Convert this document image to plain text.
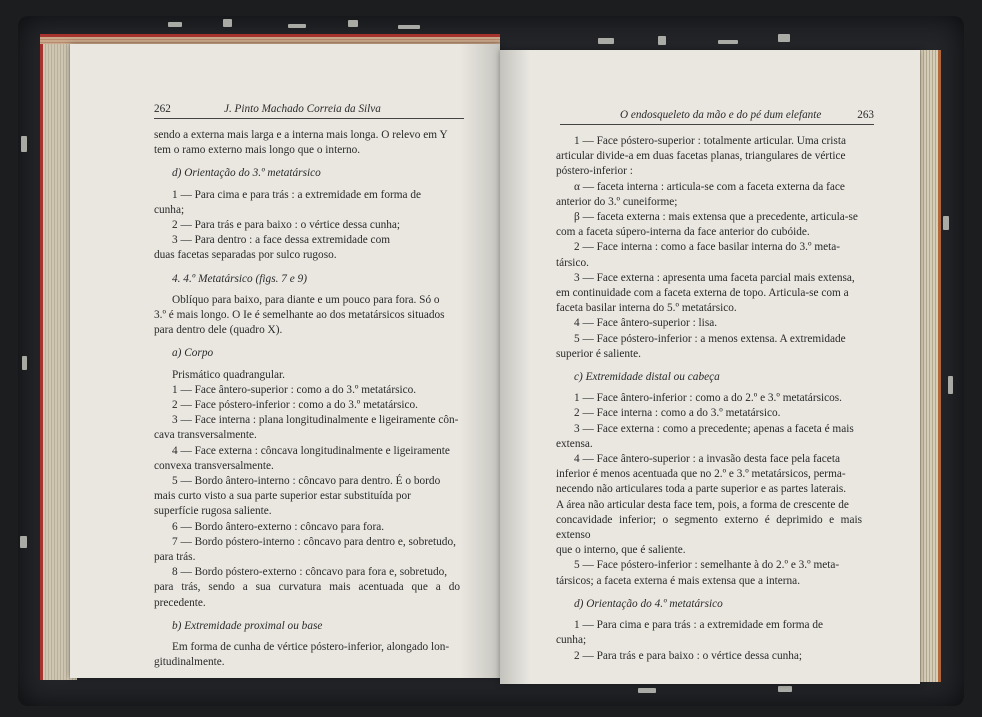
262	J. Pinto Machado Correia da Silva

sendo a externa mais larga e a interna mais longa. O relevo em Y

tem o ramo externo mais longo que o interno.

d) Orientação do 3.º metatársico

1 — Para cima e para trás : a extremidade em forma de

cunha;

2 — Para trás e para baixo : o vértice dessa cunha;

3 — Para dentro : a face dessa extremidade com

duas facetas separadas por sulco rugoso.

4. 4.º Metatársico (figs. 7 e 9)

Oblíquo para baixo, para diante e um pouco para fora. Só o

3.º é mais longo. O Ie é semelhante ao dos metatársicos situados

para dentro dele (quadro X).

a) Corpo

Prismático quadrangular.

1 — Face ântero-superior : como a do 3.º metatársico.

2 — Face póstero-inferior : como a do 3.º metatársico.

3 — Face interna : plana longitudinalmente e ligeiramente côn-

cava transversalmente.

4 — Face externa : côncava longitudinalmente e ligeiramente

convexa transversalmente.

5 — Bordo ântero-interno : côncavo para dentro. É o bordo

mais curto visto a sua parte superior estar substituída por

superfície rugosa saliente.

6 — Bordo ântero-externo : côncavo para fora.

7 — Bordo póstero-interno : côncavo para dentro e, sobretudo,

para trás.

8 — Bordo póstero-externo : côncavo para fora e, sobretudo,

para trás, sendo a sua curvatura mais acentuada que a do precedente.

b) Extremidade proximal ou base

Em forma de cunha de vértice póstero-inferior, alongado lon-

gitudinalmente.

O endosqueleto da mão e do pé dum elefante	263

1 — Face póstero-superior : totalmente articular. Uma crista

articular divide-a em duas facetas planas, triangulares de vértice

póstero-inferior :

α — faceta interna : articula-se com a faceta externa da face

anterior do 3.º cuneiforme;

β — faceta externa : mais extensa que a precedente, articula-se

com a faceta súpero-interna da face anterior do cubóide.

2 — Face interna : como a face basilar interna do 3.º meta-

társico.

3 — Face externa : apresenta uma faceta parcial mais extensa,

em continuidade com a faceta externa de topo. Articula-se com a

faceta basilar interna do 5.º metatársico.

4 — Face ântero-superior : lisa.

5 — Face póstero-inferior : a menos extensa. A extremidade

superior é saliente.

c) Extremidade distal ou cabeça

1 — Face ântero-inferior : como a do 2.º e 3.º metatársicos.

2 — Face interna : como a do 3.º metatársico.

3 — Face externa : como a precedente; apenas a faceta é mais

extensa.

4 — Face ântero-superior : a invasão desta face pela faceta

inferior é menos acentuada que no 2.º e 3.º metatársicos, perma-

necendo não articulares toda a parte superior e as partes laterais.

A área não articular desta face tem, pois, a forma de crescente de

concavidade inferior; o segmento externo é deprimido e mais extenso

que o interno, que é saliente.

5 — Face póstero-inferior : semelhante à do 2.º e 3.º meta-

társicos; a faceta externa é mais extensa que a interna.

d) Orientação do 4.º metatársico

1 — Para cima e para trás : a extremidade em forma de

cunha;

2 — Para trás e para baixo : o vértice dessa cunha;
